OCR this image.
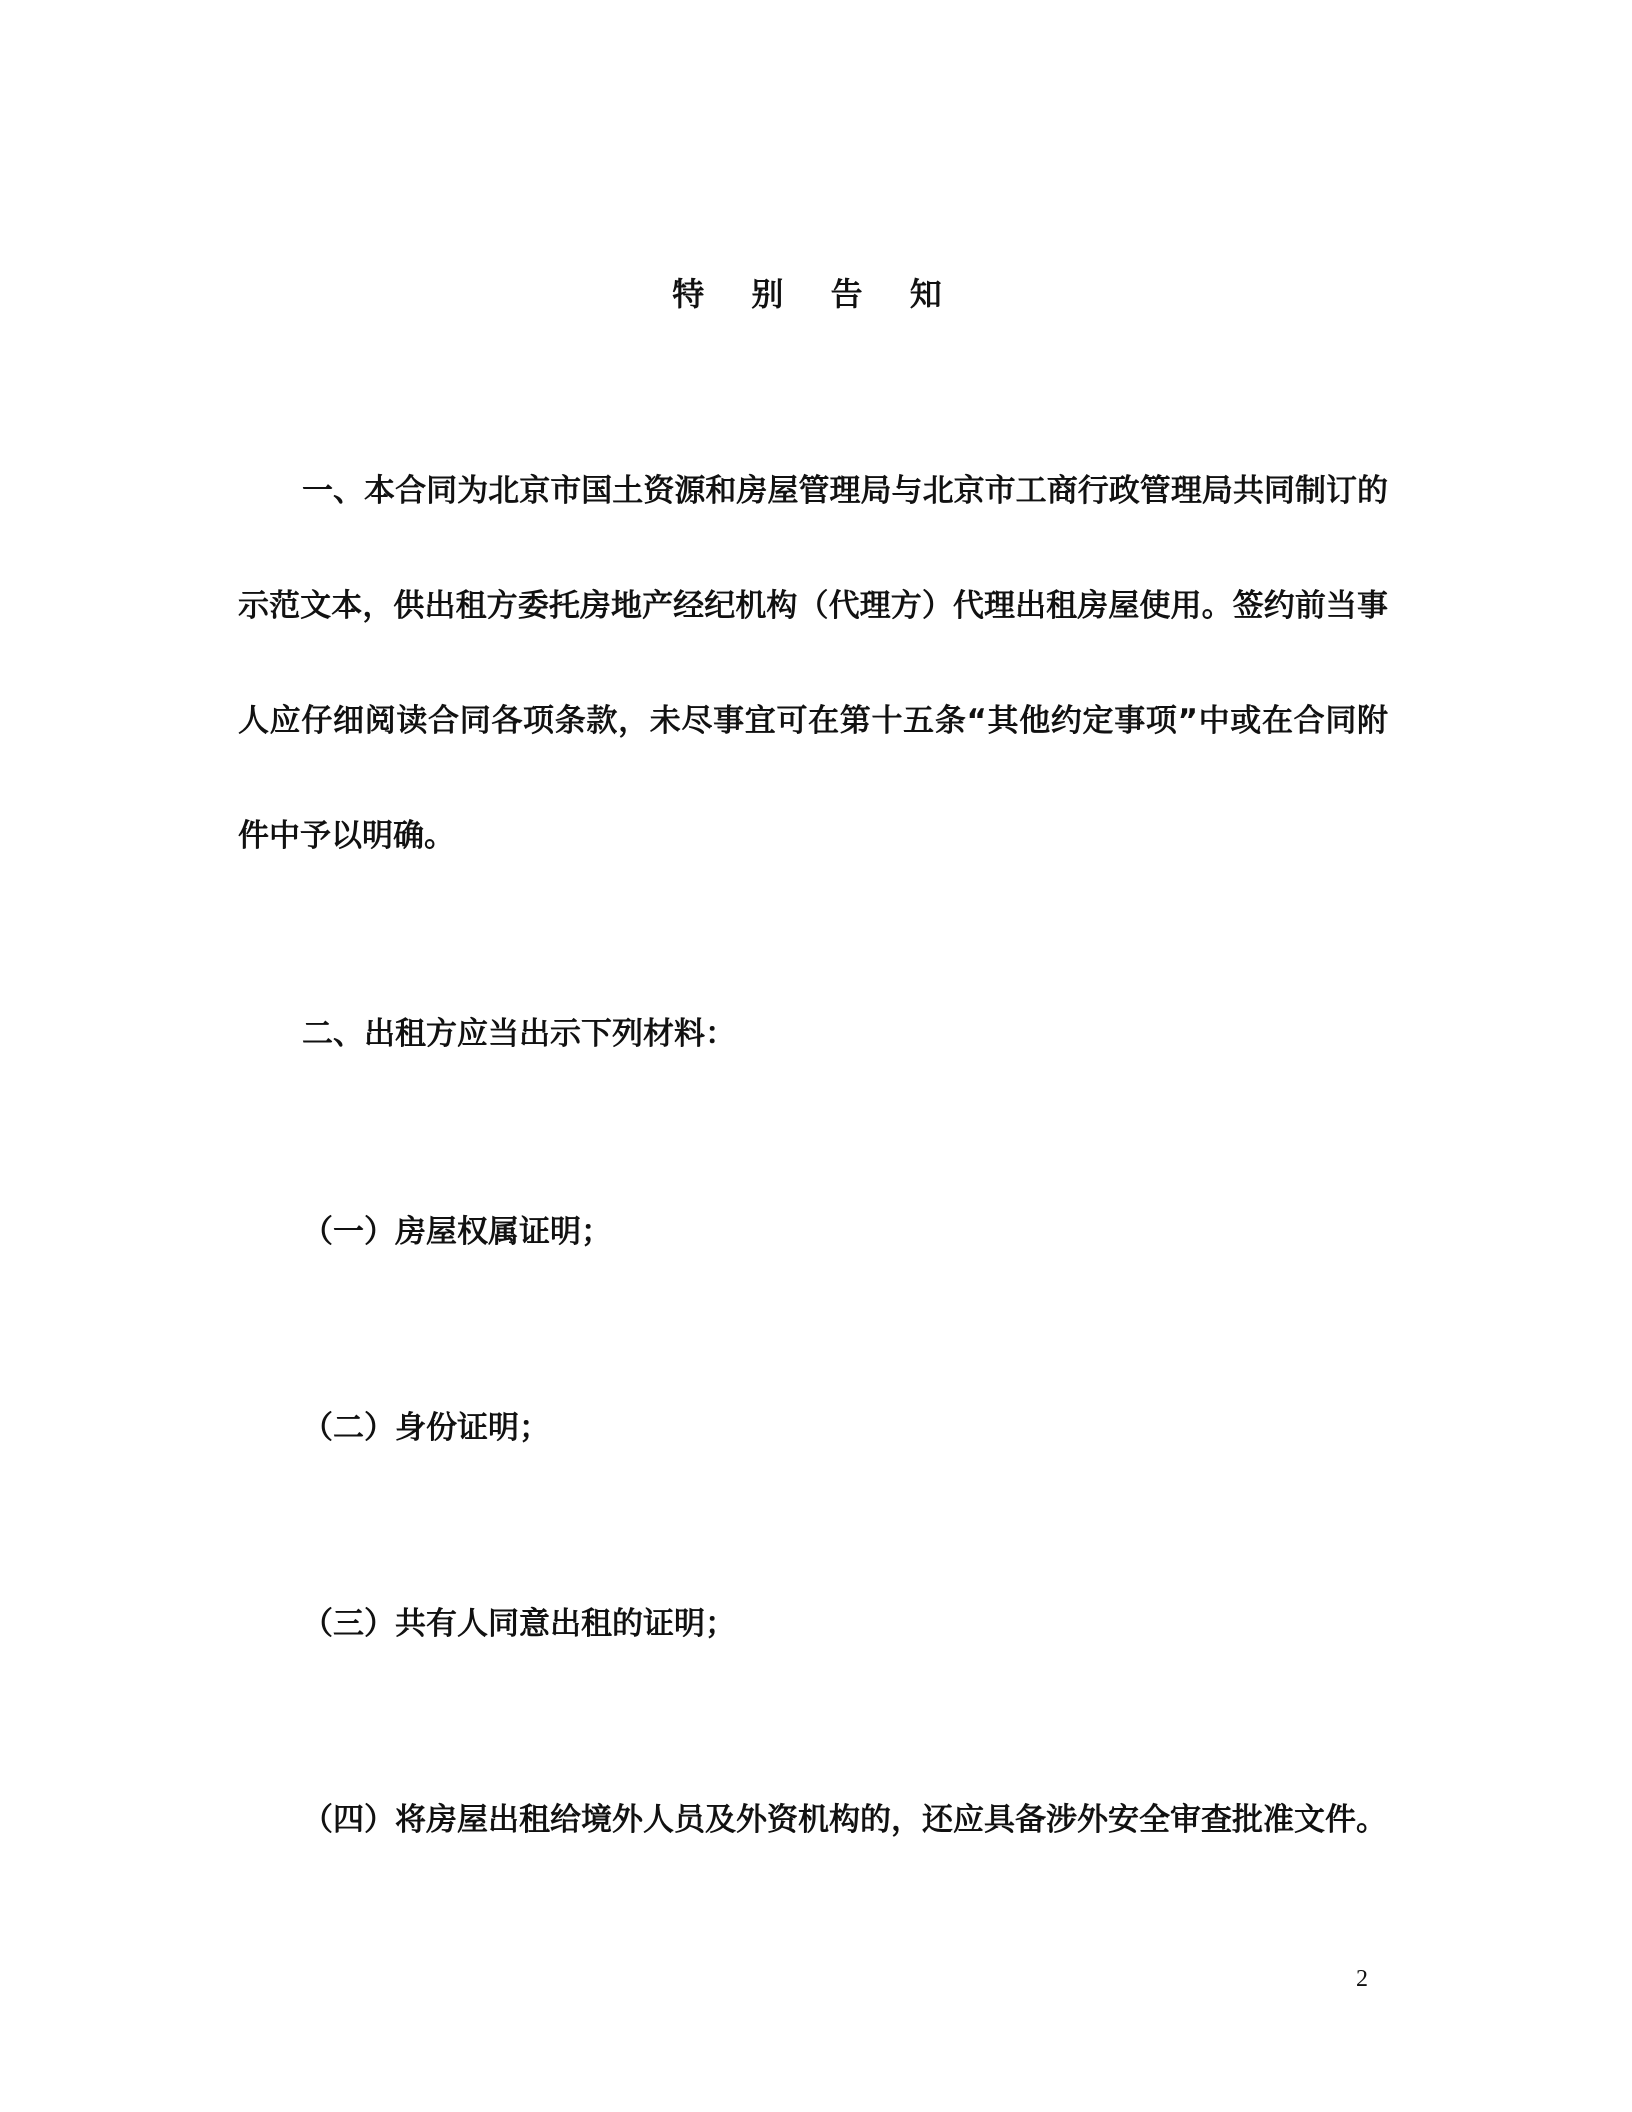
特 别 告 知

一、本合同为北京市国土资源和房屋管理局与北京市工商行政管理局共同制订的示范文本，供出租方委托房地产经纪机构（代理方）代理出租房屋使用。签约前当事人应仔细阅读合同各项条款，未尽事宜可在第十五条“其他约定事项”中或在合同附件中予以明确。

二、出租方应当出示下列材料：

（一）房屋权属证明；

（二）身份证明；

（三）共有人同意出租的证明；

（四）将房屋出租给境外人员及外资机构的，还应具备涉外安全审查批准文件。

2
